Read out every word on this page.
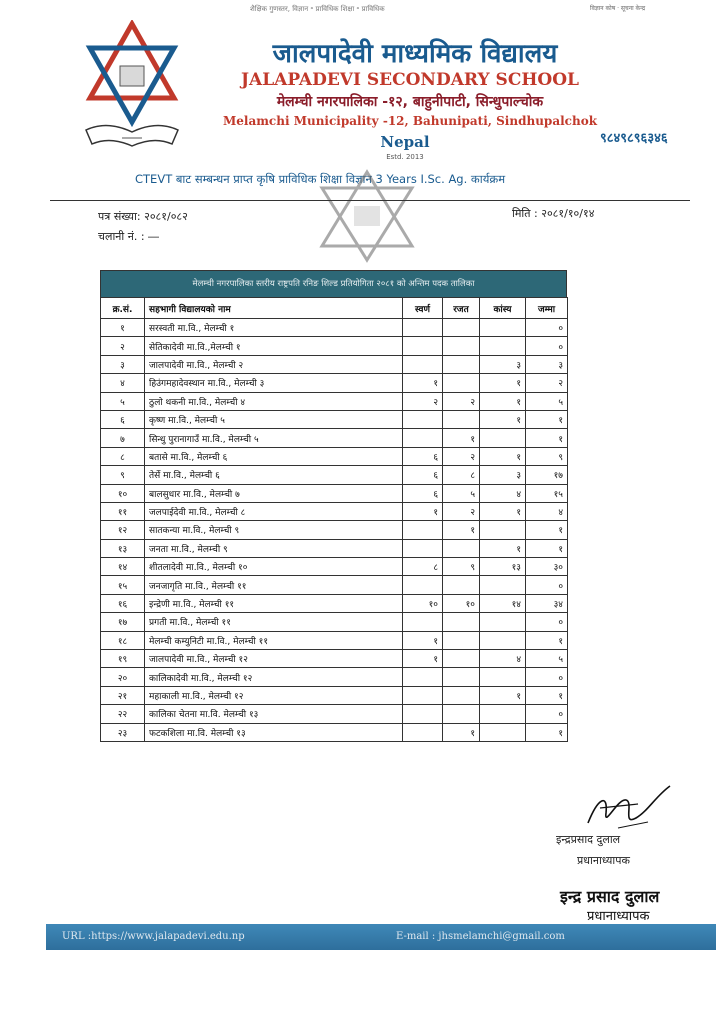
शैक्षिक गुणस्तर, विज्ञान ॰ प्राविधिक शिक्षा ॰ प्राविधिक	विज्ञान कोष · सूचना केन्द्र
जालपादेवी माध्यमिक विद्यालय
JALAPADEVI SECONDARY SCHOOL
मेलम्ची नगरपालिका -१२, बाहुनीपाटी, सिन्धुपाल्चोक
Melamchi Municipality -12, Bahunipati, Sindhupalchok
Nepal
Estd. 2013
९८४९८९६३४६
CTEVT बाट सम्बन्धन प्राप्त कृषि प्राविधिक शिक्षा विज्ञान 3 Years I.Sc. Ag. कार्यक्रम
पत्र संख्या: २०८१/०८२	मिति : २०८१/१०/१४
चलानी नं. : ―
मेलम्ची नगरपालिका स्तरीय राष्ट्रपति रनिङ शिल्ड प्रतियोगिता २०८१ को अन्तिम पदक तालिका
क्र.सं.	सहभागी विद्यालयको नाम	स्वर्ण	रजत	कांस्य	जम्मा
१	सरस्वती मा.वि., मेलम्ची १				०
२	सेतिकादेवी मा.वि.,मेलम्ची १				०
३	जालपादेवी मा.वि., मेलम्ची २			३	३
४	हिउंगमहादेवस्थान मा.वि., मेलम्ची ३	१		१	२
५	ठुलो थकनी मा.वि., मेलम्ची ४	२	२	१	५
६	कृष्ण मा.वि., मेलम्ची ५			१	१
७	सिन्धु पुरानागाउँ मा.वि., मेलम्ची ५		१		१
८	बतासे मा.वि., मेलम्ची ६	६	२	१	९
९	तेर्से मा.वि., मेलम्ची ६	६	८	३	१७
१०	बालसुधार मा.वि., मेलम्ची ७	६	५	४	१५
११	जलपाईदेवी मा.वि., मेलम्ची ८	१	२	१	४
१२	सातकन्या मा.वि., मेलम्ची ९		१		१
१३	जनता मा.वि., मेलम्ची ९			१	१
१४	शीतलादेवी मा.वि., मेलम्ची १०	८	९	१३	३०
१५	जनजागृति मा.वि., मेलम्ची ११				०
१६	इन्द्रेणी मा.वि., मेलम्ची ११	१०	१०	१४	३४
१७	प्रगती मा.वि., मेलम्ची ११				०
१८	मेलम्ची कम्युनिटी मा.वि., मेलम्ची ११	१			१
१९	जालपादेवी मा.वि., मेलम्ची १२	१		४	५
२०	कालिकादेवी मा.वि., मेलम्ची १२				०
२१	महाकाली मा.वि., मेलम्ची १२			१	१
२२	कालिका चेतना मा.वि. मेलम्ची १३				०
२३	फटकशिला मा.वि. मेलम्ची १३		१		१
इन्द्रप्रसाद दुलाल
प्रधानाध्यापक
इन्द्र प्रसाद दुलाल
प्रधानाध्यापक
URL :https://www.jalapadevi.edu.np	E-mail : jhsmelamchi@gmail.com
